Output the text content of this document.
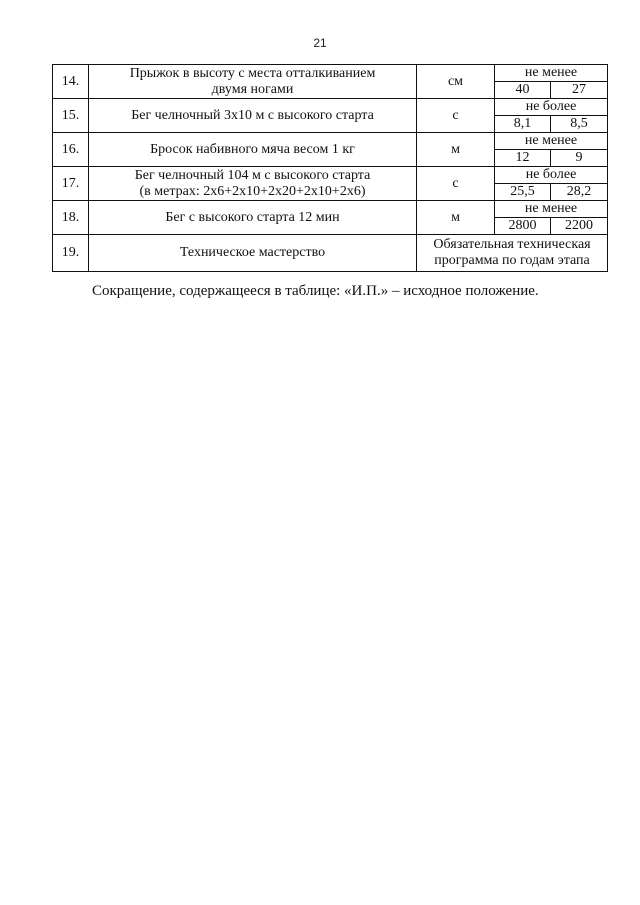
21
14.	Прыжок в высоту с места отталкиванием
двумя ногами	см	не менее	
			40	27
15.	Бег челночный 3х10 м с высокого старта	с	не более	
			8,1	8,5
16.	Бросок набивного мяча весом 1 кг	м	не менее	
			12	9
17.	Бег челночный 104 м с высокого старта
(в метрах: 2х6+2х10+2х20+2х10+2х6)	с	не более	
			25,5	28,2
18.	Бег с высокого старта 12 мин	м	не менее	
			2800	2200
19.	Техническое мастерство	Обязательная техническая
программа по годам этапа		
Сокращение, содержащееся в таблице: «И.П.» – исходное положение.
